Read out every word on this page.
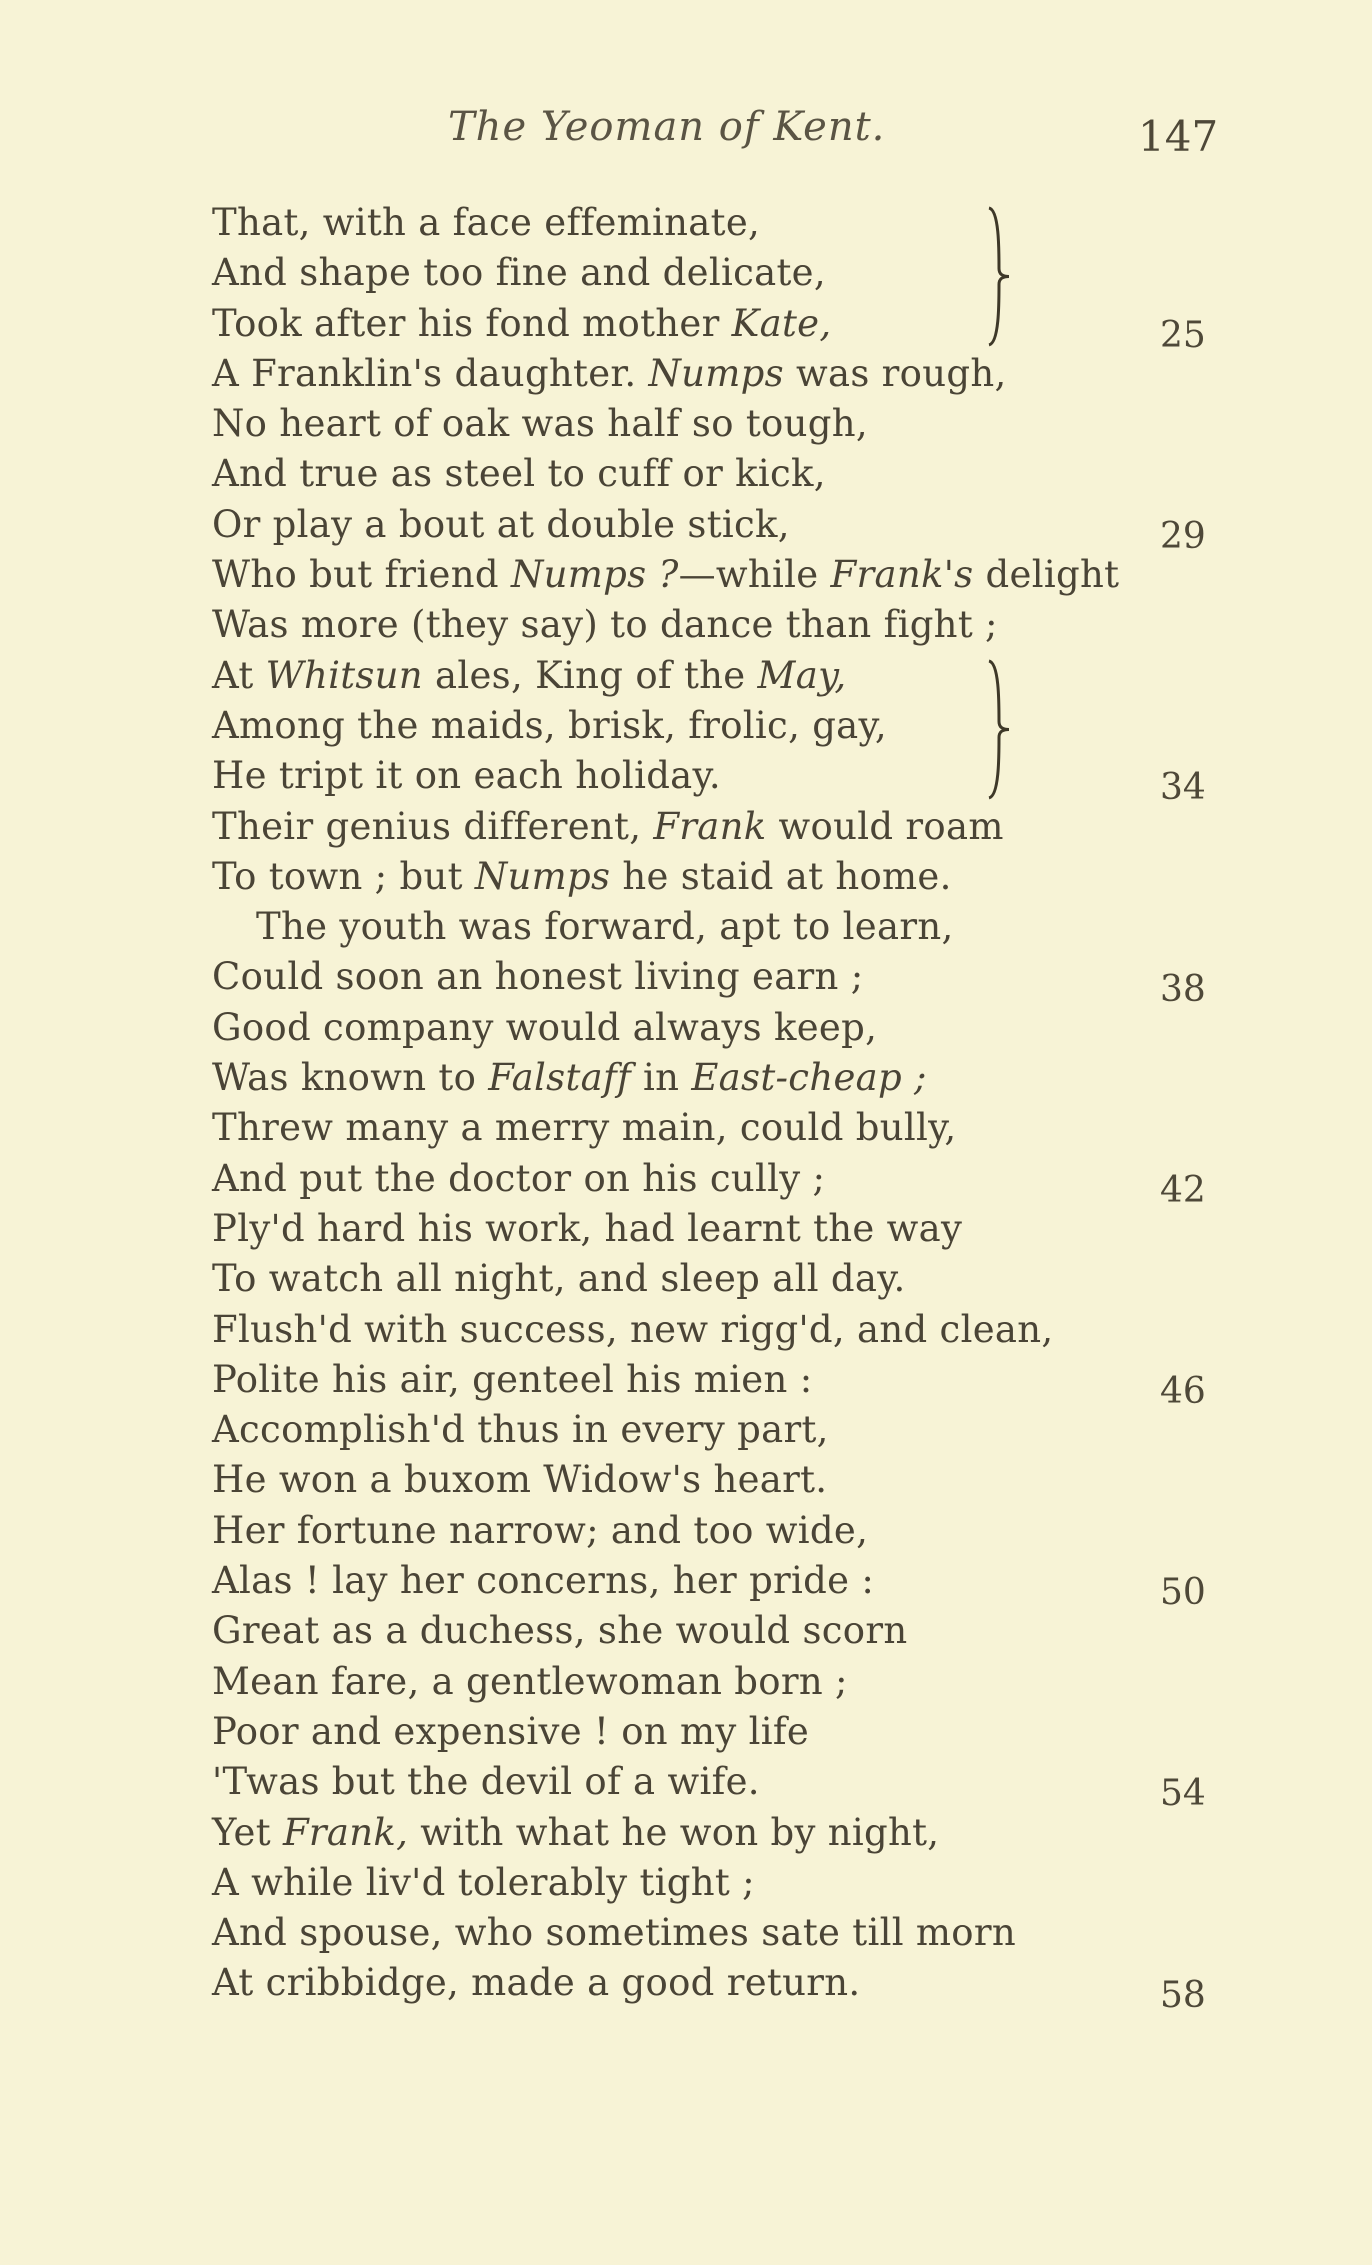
The Yeoman of Kent.	147
That, with a face effeminate,
And shape too fine and delicate,
Took after his fond mother Kate,
A Franklin's daughter. Numps was rough,
No heart of oak was half so tough,
And true as steel to cuff or kick,
Or play a bout at double stick,
Who but friend Numps ?—while Frank's delight
Was more (they say) to dance than fight ;
At Whitsun ales, King of the May,
Among the maids, brisk, frolic, gay,
He tript it on each holiday.
Their genius different, Frank would roam
To town ; but Numps he staid at home.
The youth was forward, apt to learn,
Could soon an honest living earn ;
Good company would always keep,
Was known to Falstaff in East-cheap ;
Threw many a merry main, could bully,
And put the doctor on his cully ;
Ply'd hard his work, had learnt the way
To watch all night, and sleep all day.
Flush'd with success, new rigg'd, and clean,
Polite his air, genteel his mien :
Accomplish'd thus in every part,
He won a buxom Widow's heart.
Her fortune narrow; and too wide,
Alas ! lay her concerns, her pride :
Great as a duchess, she would scorn
Mean fare, a gentlewoman born ;
Poor and expensive ! on my life
'Twas but the devil of a wife.
Yet Frank, with what he won by night,
A while liv'd tolerably tight ;
And spouse, who sometimes sate till morn
At cribbidge, made a good return.
25
29
34
38
42
46
50
54
58
